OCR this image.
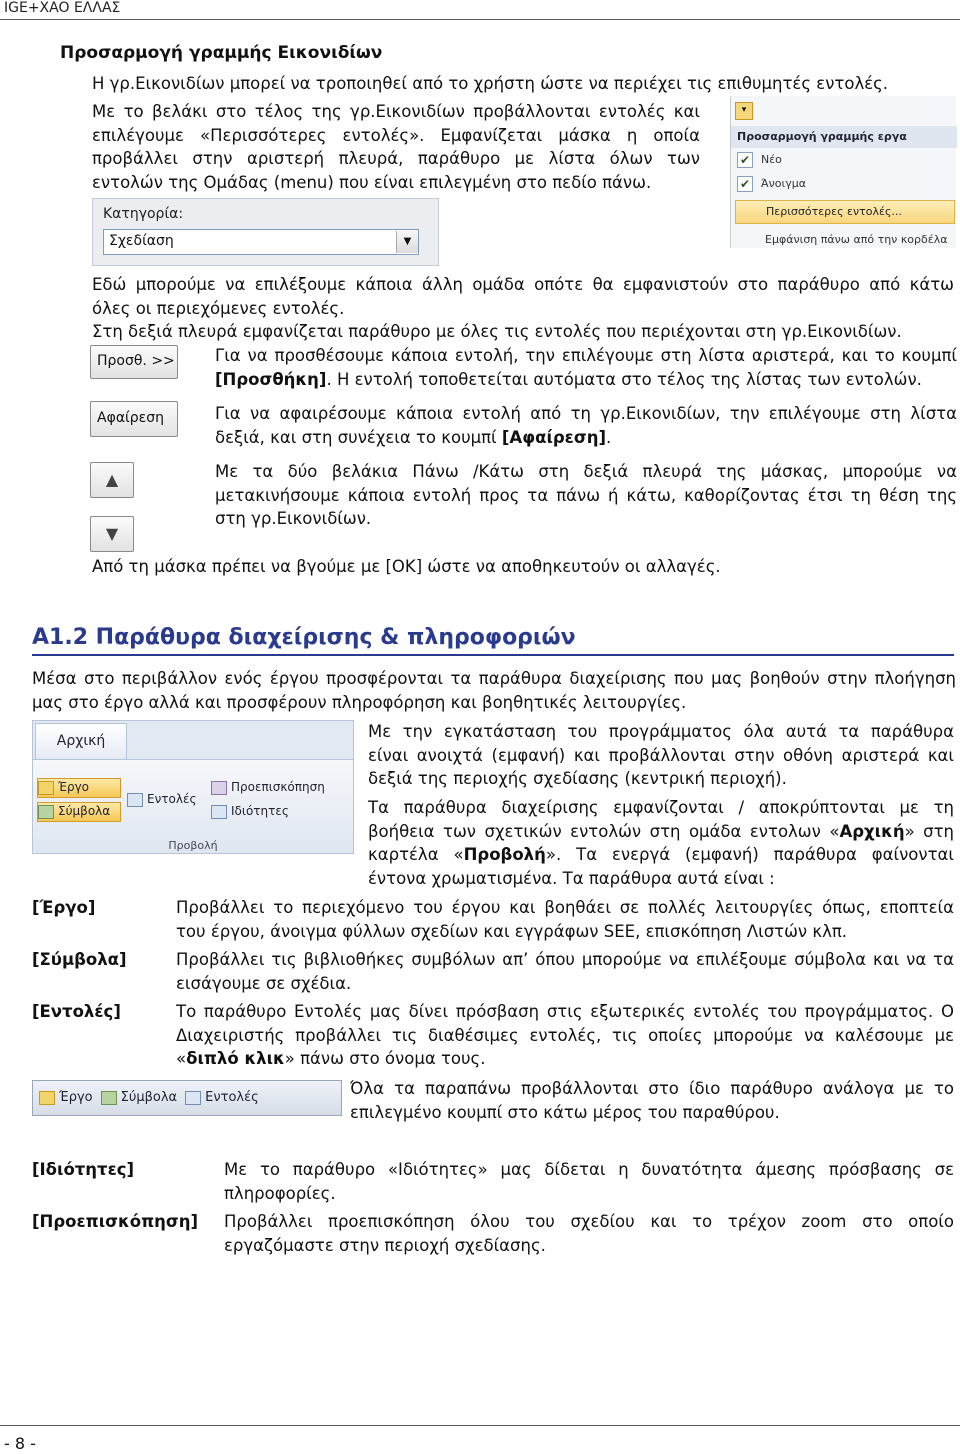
IGE+XAO ΕΛΛΑΣ
Προσαρμογή γραμμής Εικονιδίων
Η γρ.Εικονιδίων μπορεί να τροποιηθεί από το χρήστη ώστε να περιέχει τις επιθυμητές εντολές.
Με το βελάκι στο τέλος της γρ.Εικονιδίων προβάλλονται εντολές και
επιλέγουμε «Περισσότερες εντολές». Εμφανίζεται μάσκα η οποία
προβάλλει στην αριστερή πλευρά, παράθυρο με λίστα όλων των
εντολών της Ομάδας (menu) που είναι επιλεγμένη στο πεδίο πάνω.
Κατηγορία:
Σχεδίαση	▼
▾
Προσαρμογή γραμμής εργα
✔ Νέο
✔ Άνοιγμα
Περισσότερες εντολές...
Εμφάνιση πάνω από την κορδέλα
Εδώ μπορούμε να επιλέξουμε κάποια άλλη ομάδα οπότε θα εμφανιστούν στο παράθυρο από κάτω
όλες οι περιεχόμενες εντολές.
Στη δεξιά πλευρά εμφανίζεται παράθυρο με όλες τις εντολές που περιέχονται στη γρ.Εικονιδίων.
Προσθ. >> Για να προσθέσουμε κάποια εντολή, την επιλέγουμε στη λίστα αριστερά, και το κουμπί
[Προσθήκη]. Η εντολή τοποθετείται αυτόματα στο τέλος της λίστας των εντολών.
Αφαίρεση	Για να αφαιρέσουμε κάποια εντολή από τη γρ.Εικονιδίων, την επιλέγουμε στη λίστα
δεξιά, και στη συνέχεια το κουμπί [Αφαίρεση].
▲
▼
Με τα δύο βελάκια Πάνω /Κάτω στη δεξιά πλευρά της μάσκας, μπορούμε να
μετακινήσουμε κάποια εντολή προς τα πάνω ή κάτω, καθορίζοντας έτσι τη θέση της
στη γρ.Εικονιδίων.
Από τη μάσκα πρέπει να βγούμε με [ΟΚ] ώστε να αποθηκευτούν οι αλλαγές.
Α1.2 Παράθυρα διαχείρισης & πληροφοριών
Μέσα στο περιβάλλον ενός έργου προσφέρονται τα παράθυρα διαχείρισης που μας βοηθούν στην πλοήγηση
μας στο έργο αλλά και προσφέρουν πληροφόρηση και βοηθητικές λειτουργίες.
Αρχική
Έργο
Σύμβολα
Εντολές
Προεπισκόπηση
Ιδιότητες
Προβολή
Με την εγκατάσταση του προγράμματος όλα αυτά τα παράθυρα
είναι ανοιχτά (εμφανή) και προβάλλονται στην οθόνη αριστερά και
δεξιά της περιοχής σχεδίασης (κεντρική περιοχή).
Τα παράθυρα διαχείρισης εμφανίζονται / αποκρύπτονται με τη
βοήθεια των σχετικών εντολών στη ομάδα εντολων «Αρχική» στη
καρτέλα «Προβολή». Τα ενεργά (εμφανή) παράθυρα φαίνονται
έντονα χρωματισμένα. Τα παράθυρα αυτά είναι :
[Έργο]	Προβάλλει το περιεχόμενο του έργου και βοηθάει σε πολλές λειτουργίες όπως, εποπτεία
του έργου, άνοιγμα φύλλων σχεδίων και εγγράφων SEE, επισκόπηση Λιστών κλπ.
[Σύμβολα]	Προβάλλει τις βιβλιοθήκες συμβόλων απ’ όπου μπορούμε να επιλέξουμε σύμβολα και να τα
εισάγουμε σε σχέδια.
[Εντολές]	Το παράθυρο Εντολές μας δίνει πρόσβαση στις εξωτερικές εντολές του προγράμματος. Ο
Διαχειριστής προβάλλει τις διαθέσιμες εντολές, τις οποίες μπορούμε να καλέσουμε με
«διπλό κλικ» πάνω στο όνομα τους.
Έργο Σύμβολα Εντολές	Όλα τα παραπάνω προβάλλονται στο ίδιο παράθυρο ανάλογα με το
επιλεγμένο κουμπί στο κάτω μέρος του παραθύρου.
[Ιδιότητες]	Με το παράθυρο «Ιδιότητες» μας δίδεται η δυνατότητα άμεσης πρόσβασης σε
πληροφορίες.
[Προεπισκόπηση] Προβάλλει προεπισκόπηση όλου του σχεδίου και το τρέχον zoom στο οποίο
εργαζόμαστε στην περιοχή σχεδίασης.
- 8 -
